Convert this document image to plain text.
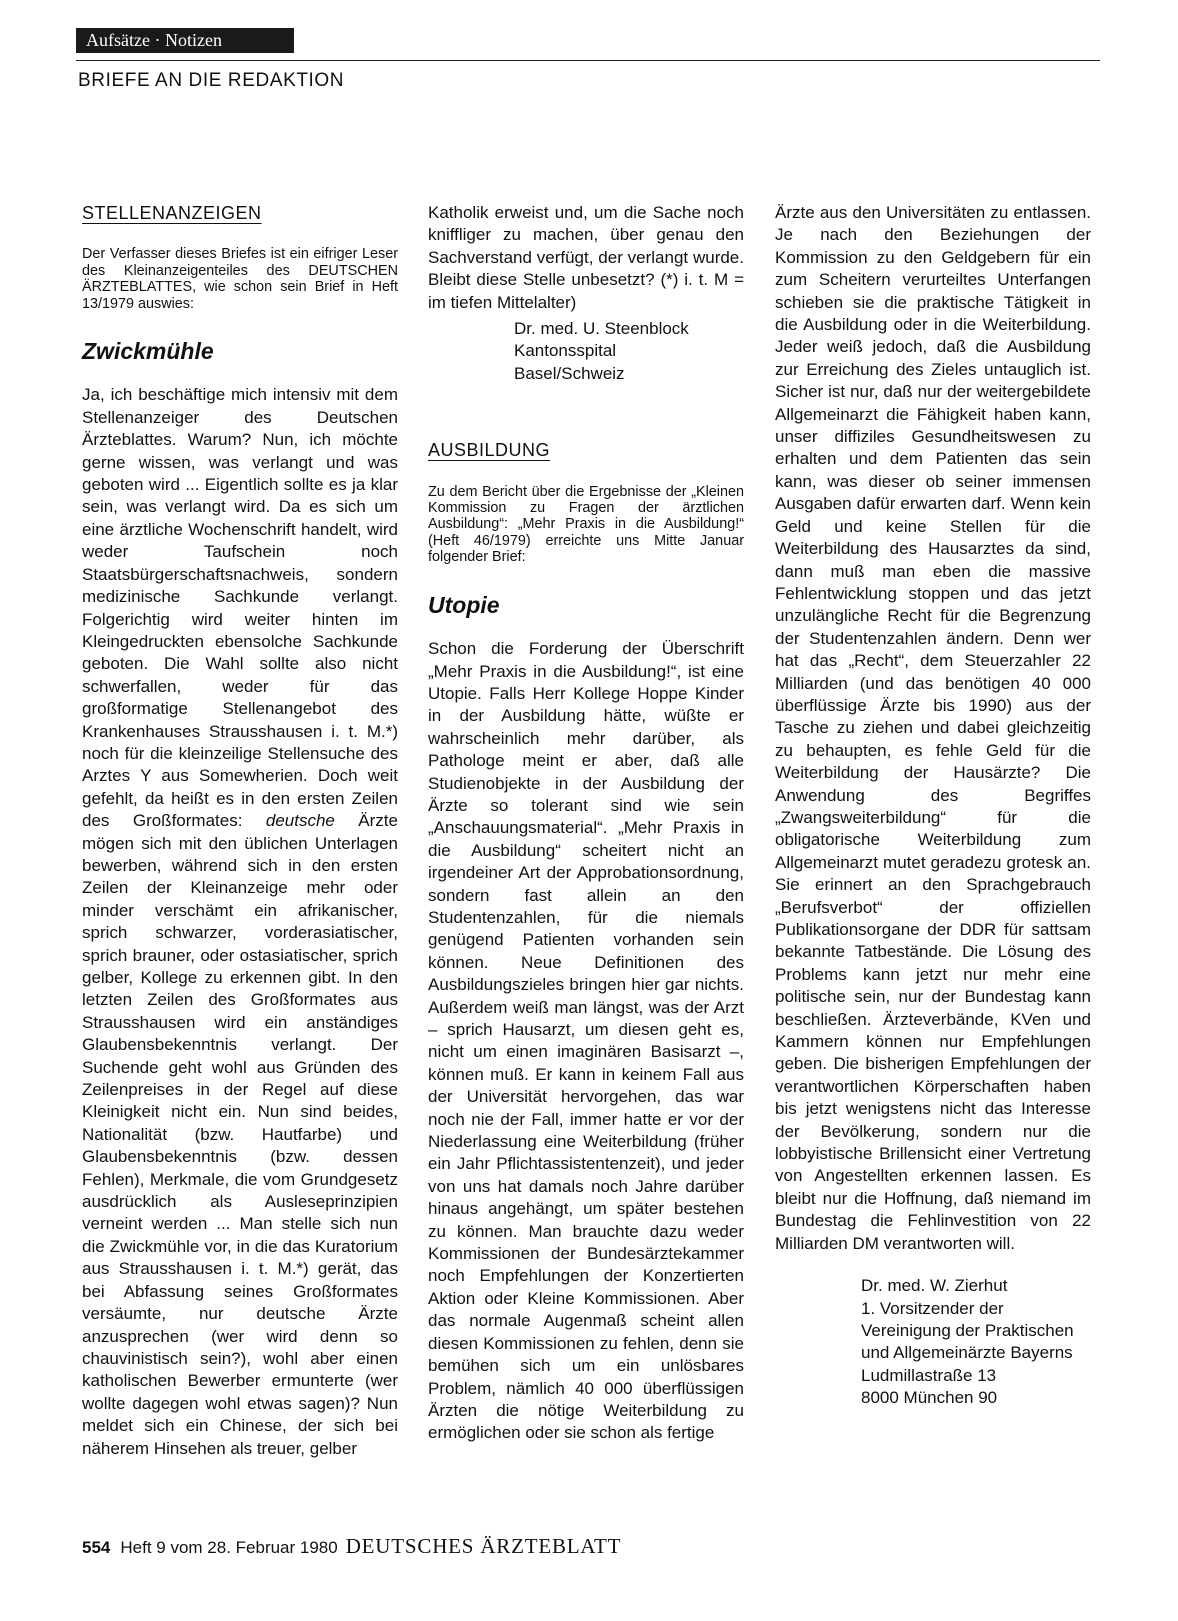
Aufsätze · Notizen
BRIEFE AN DIE REDAKTION
STELLENANZEIGEN

Der Verfasser dieses Briefes ist ein eifriger Leser des Kleinanzeigenteiles des DEUTSCHEN ÄRZTEBLATTES, wie schon sein Brief in Heft 13/1979 auswies:

Zwickmühle

Ja, ich beschäftige mich intensiv mit dem Stellenanzeiger des Deutschen Ärzteblattes. Warum? Nun, ich möchte gerne wissen, was verlangt und was geboten wird ... Eigentlich sollte es ja klar sein, was verlangt wird. Da es sich um eine ärztliche Wochenschrift handelt, wird weder Taufschein noch Staatsbürgerschaftsnachweis, sondern medizinische Sachkunde verlangt. Folgerichtig wird weiter hinten im Kleingedruckten ebensolche Sachkunde geboten. Die Wahl sollte also nicht schwerfallen, weder für das großformatige Stellenangebot des Krankenhauses Strausshausen i. t. M.*) noch für die kleinzeilige Stellensuche des Arztes Y aus Somewherien. Doch weit gefehlt, da heißt es in den ersten Zeilen des Großformates: deutsche Ärzte mögen sich mit den üblichen Unterlagen bewerben, während sich in den ersten Zeilen der Kleinanzeige mehr oder minder verschämt ein afrikanischer, sprich schwarzer, vorderasiatischer, sprich brauner, oder ostasiatischer, sprich gelber, Kollege zu erkennen gibt. In den letzten Zeilen des Großformates aus Strausshausen wird ein anständiges Glaubensbekenntnis verlangt. Der Suchende geht wohl aus Gründen des Zeilenpreises in der Regel auf diese Kleinigkeit nicht ein. Nun sind beides, Nationalität (bzw. Hautfarbe) und Glaubensbekenntnis (bzw. dessen Fehlen), Merkmale, die vom Grundgesetz ausdrücklich als Ausleseprinzipien verneint werden ... Man stelle sich nun die Zwickmühle vor, in die das Kuratorium aus Strausshausen i. t. M.*) gerät, das bei Abfassung seines Großformates versäumte, nur deutsche Ärzte anzusprechen (wer wird denn so chauvinistisch sein?), wohl aber einen katholischen Bewerber ermunterte (wer wollte dagegen wohl etwas sagen)? Nun meldet sich ein Chinese, der sich bei näherem Hinsehen als treuer, gelber

Katholik erweist und, um die Sache noch kniffliger zu machen, über genau den Sachverstand verfügt, der verlangt wurde. Bleibt diese Stelle unbesetzt? (*) i. t. M = im tiefen Mittelalter)

Dr. med. U. Steenblock
Kantonsspital
Basel/Schweiz
AUSBILDUNG

Zu dem Bericht über die Ergebnisse der „Kleinen Kommission zu Fragen der ärztlichen Ausbildung“: „Mehr Praxis in die Ausbildung!“ (Heft 46/1979) erreichte uns Mitte Januar folgender Brief:

Utopie

Schon die Forderung der Überschrift „Mehr Praxis in die Ausbildung!“, ist eine Utopie. Falls Herr Kollege Hoppe Kinder in der Ausbildung hätte, wüßte er wahrscheinlich mehr darüber, als Pathologe meint er aber, daß alle Studienobjekte in der Ausbildung der Ärzte so tolerant sind wie sein „Anschauungsmaterial“. „Mehr Praxis in die Ausbildung“ scheitert nicht an irgendeiner Art der Approbationsordnung, sondern fast allein an den Studentenzahlen, für die niemals genügend Patienten vorhanden sein können. Neue Definitionen des Ausbildungszieles bringen hier gar nichts. Außerdem weiß man längst, was der Arzt – sprich Hausarzt, um diesen geht es, nicht um einen imaginären Basisarzt –, können muß. Er kann in keinem Fall aus der Universität hervorgehen, das war noch nie der Fall, immer hatte er vor der Niederlassung eine Weiterbildung (früher ein Jahr Pflichtassistentenzeit), und jeder von uns hat damals noch Jahre darüber hinaus angehängt, um später bestehen zu können. Man brauchte dazu weder Kommissionen der Bundesärztekammer noch Empfehlungen der Konzertierten Aktion oder Kleine Kommissionen. Aber das normale Augenmaß scheint allen diesen Kommissionen zu fehlen, denn sie bemühen sich um ein unlösbares Problem, nämlich 40 000 überflüssigen Ärzten die nötige Weiterbildung zu ermöglichen oder sie schon als fertige

Ärzte aus den Universitäten zu entlassen. Je nach den Beziehungen der Kommission zu den Geldgebern für ein zum Scheitern verurteiltes Unterfangen schieben sie die praktische Tätigkeit in die Ausbildung oder in die Weiterbildung. Jeder weiß jedoch, daß die Ausbildung zur Erreichung des Zieles untauglich ist. Sicher ist nur, daß nur der weitergebildete Allgemeinarzt die Fähigkeit haben kann, unser diffiziles Gesundheitswesen zu erhalten und dem Patienten das sein kann, was dieser ob seiner immensen Ausgaben dafür erwarten darf. Wenn kein Geld und keine Stellen für die Weiterbildung des Hausarztes da sind, dann muß man eben die massive Fehlentwicklung stoppen und das jetzt unzulängliche Recht für die Begrenzung der Studentenzahlen ändern. Denn wer hat das „Recht“, dem Steuerzahler 22 Milliarden (und das benötigen 40 000 überflüssige Ärzte bis 1990) aus der Tasche zu ziehen und dabei gleichzeitig zu behaupten, es fehle Geld für die Weiterbildung der Hausärzte? Die Anwendung des Begriffes „Zwangsweiterbildung“ für die obligatorische Weiterbildung zum Allgemeinarzt mutet geradezu grotesk an. Sie erinnert an den Sprachgebrauch „Berufsverbot“ der offiziellen Publikationsorgane der DDR für sattsam bekannte Tatbestände. Die Lösung des Problems kann jetzt nur mehr eine politische sein, nur der Bundestag kann beschließen. Ärzteverbände, KVen und Kammern können nur Empfehlungen geben. Die bisherigen Empfehlungen der verantwortlichen Körperschaften haben bis jetzt wenigstens nicht das Interesse der Bevölkerung, sondern nur die lobbyistische Brillensicht einer Vertretung von Angestellten erkennen lassen. Es bleibt nur die Hoffnung, daß niemand im Bundestag die Fehlinvestition von 22 Milliarden DM verantworten will.

Dr. med. W. Zierhut
1. Vorsitzender der
Vereinigung der Praktischen
und Allgemeinärzte Bayerns
Ludmillastraße 13
8000 München 90
554 Heft 9 vom 28. Februar 1980 DEUTSCHES ÄRZTEBLATT
